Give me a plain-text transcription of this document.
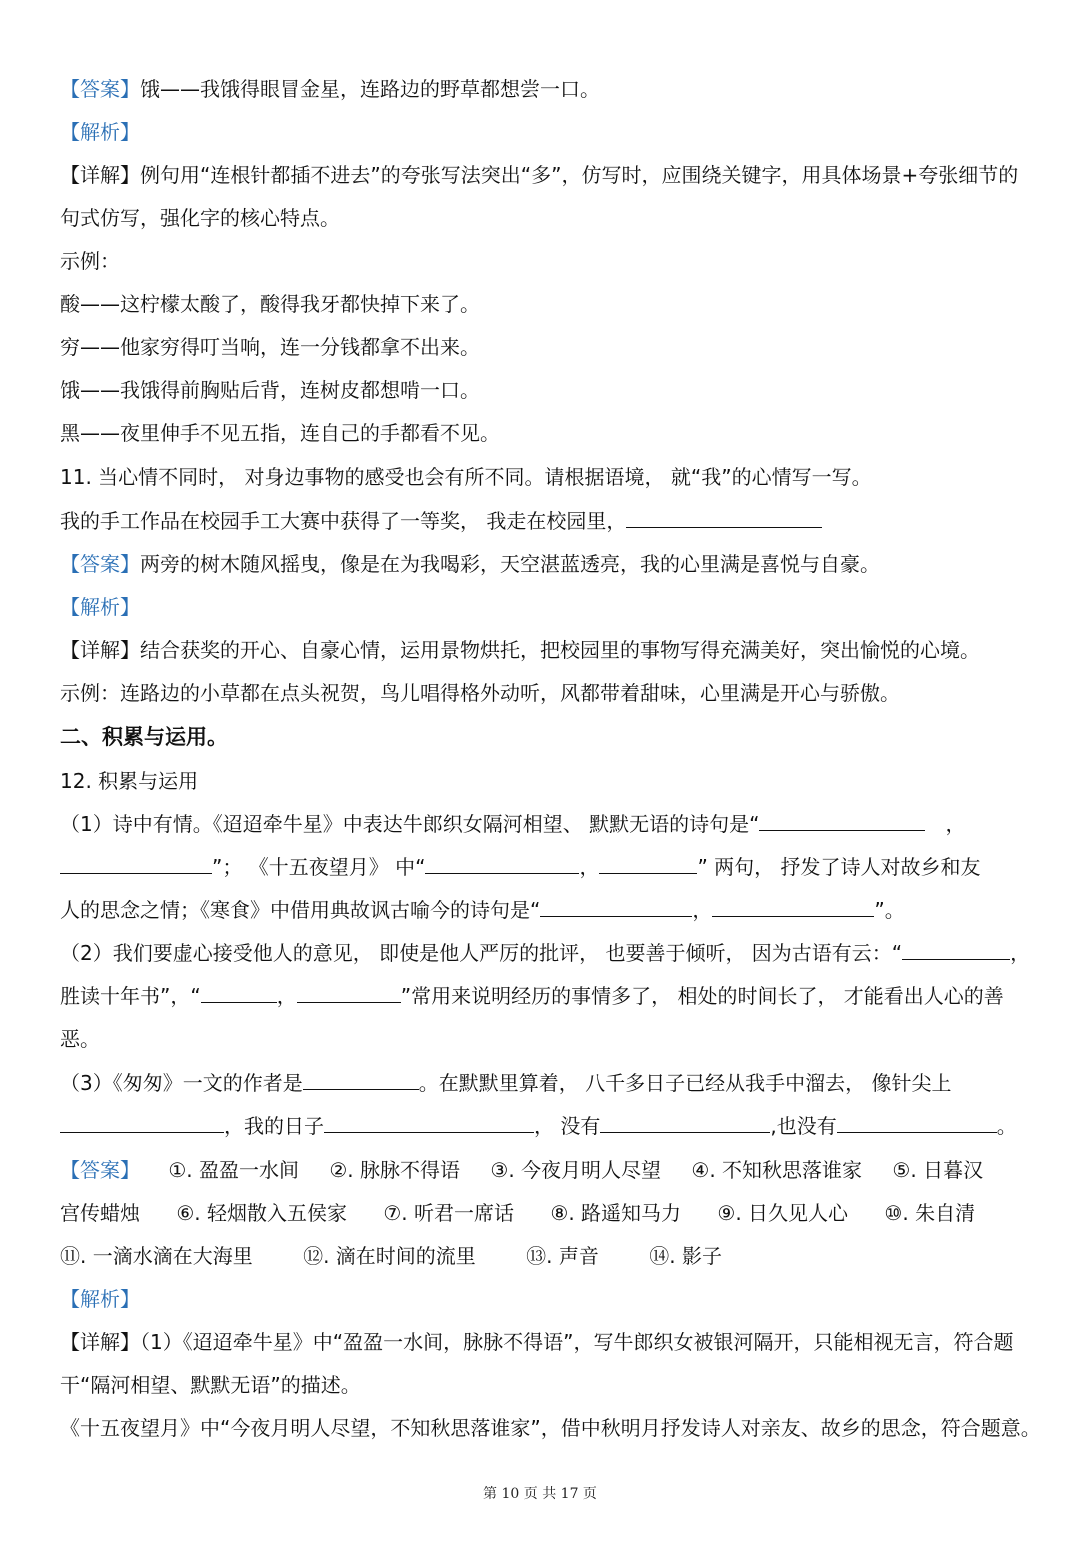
【答案】饿——我饿得眼冒金星，连路边的野草都想尝一口。
【解析】
【详解】例句用“连根针都插不进去”的夸张写法突出“多”，仿写时，应围绕关键字，用具体场景+夸张细节的
句式仿写，强化字的核心特点。
示例：
酸——这柠檬太酸了，酸得我牙都快掉下来了。
穷——他家穷得叮当响，连一分钱都拿不出来。
饿——我饿得前胸贴后背，连树皮都想啃一口。
黑——夜里伸手不见五指，连自己的手都看不见。
11. 当心情不同时， 对身边事物的感受也会有所不同。请根据语境， 就“我”的心情写一写。
我的手工作品在校园手工大赛中获得了一等奖， 我走在校园里，
【答案】两旁的树木随风摇曳，像是在为我喝彩，天空湛蓝透亮，我的心里满是喜悦与自豪。
【解析】
【详解】结合获奖的开心、自豪心情，运用景物烘托，把校园里的事物写得充满美好，突出愉悦的心境。
示例：连路边的小草都在点头祝贺，鸟儿唱得格外动听，风都带着甜味，心里满是开心与骄傲。
二、积累与运用。
12. 积累与运用
（1）诗中有情。《迢迢牵牛星》中表达牛郎织女隔河相望、 默默无语的诗句是“	，
”； 《十五夜望月》 中“	，	” 两句， 抒发了诗人对故乡和友
人的思念之情；《寒食》中借用典故讽古喻今的诗句是“	，	”。
（2）我们要虚心接受他人的意见， 即使是他人严厉的批评， 也要善于倾听， 因为古语有云：“	，
胜读十年书”，“	，	”常用来说明经历的事情多了， 相处的时间长了， 才能看出人心的善
恶。
（3）《匆匆》一文的作者是	。在默默里算着， 八千多日子已经从我手中溜去， 像针尖上
，我的日子	， 没有	,也没有	。
【答案】 ①. 盈盈一水间 ②. 脉脉不得语 ③. 今夜月明人尽望 ④. 不知秋思落谁家 ⑤. 日暮汉
宫传蜡烛 ⑥. 轻烟散入五侯家 ⑦. 听君一席话 ⑧. 路遥知马力 ⑨. 日久见人心 ⑩. 朱自清
⑪. 一滴水滴在大海里	⑫. 滴在时间的流里	⑬. 声音	⑭. 影子
【解析】
【详解】（1）《迢迢牵牛星》中“盈盈一水间，脉脉不得语”，写牛郎织女被银河隔开，只能相视无言，符合题
干“隔河相望、默默无语”的描述。
《十五夜望月》中“今夜月明人尽望，不知秋思落谁家”，借中秋明月抒发诗人对亲友、故乡的思念，符合题意。
第 10 页 共 17 页
